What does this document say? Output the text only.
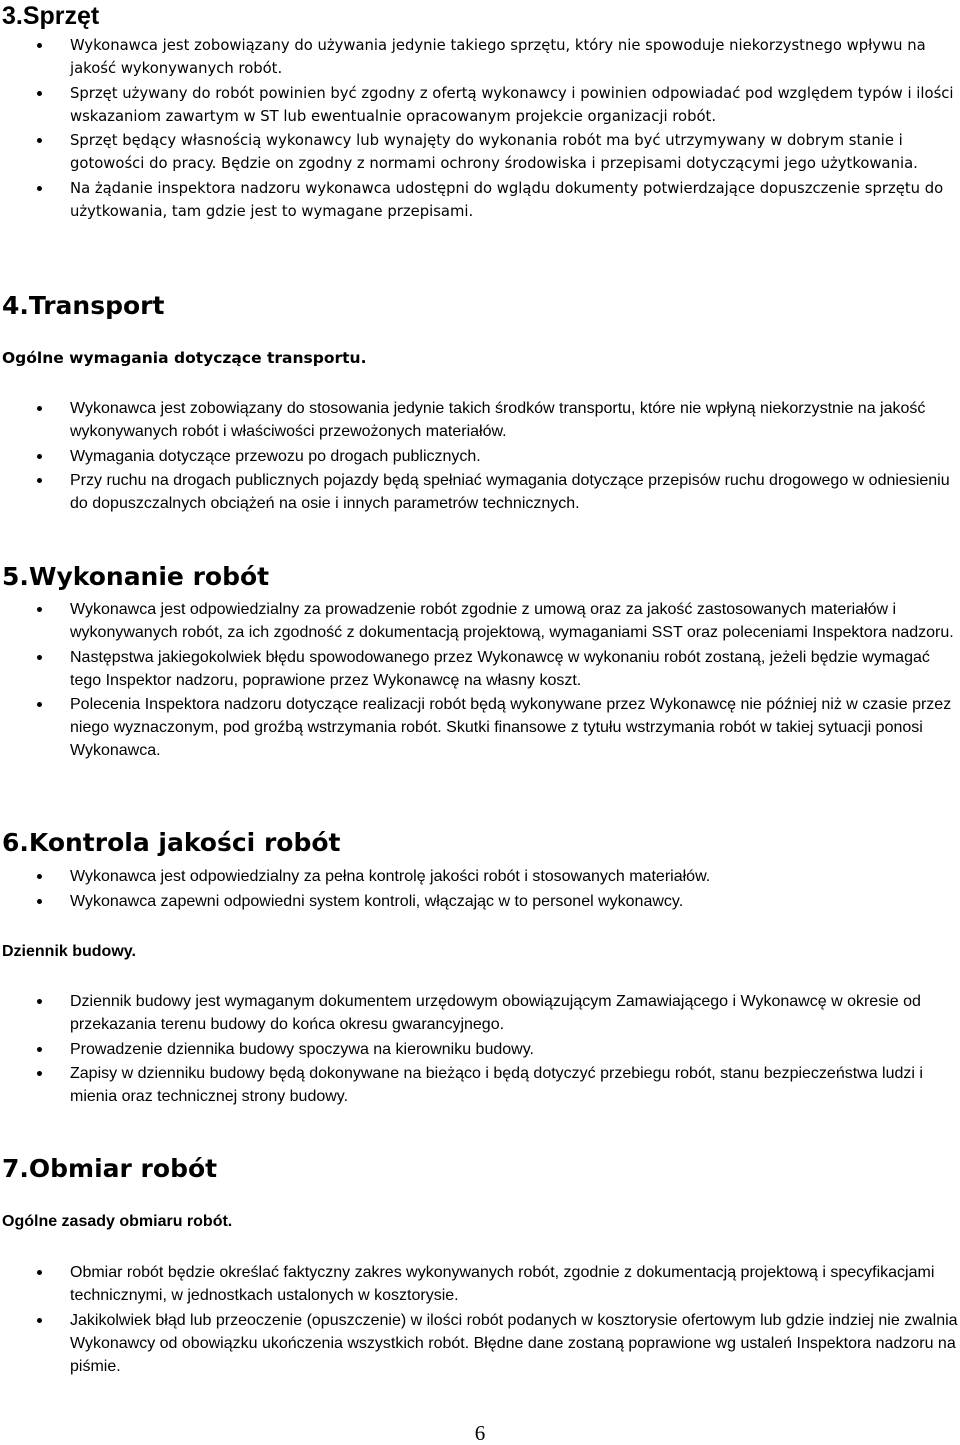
3.Sprzęt
Wykonawca jest zobowiązany do używania jedynie takiego sprzętu, który nie spowoduje niekorzystnego wpływu na jakość wykonywanych robót.
Sprzęt używany do robót powinien być zgodny z ofertą wykonawcy i powinien odpowiadać pod względem typów i ilości wskazaniom zawartym w ST lub ewentualnie opracowanym projekcie organizacji robót.
Sprzęt będący własnością wykonawcy lub wynajęty do wykonania robót ma być utrzymywany w dobrym stanie i gotowości do pracy. Będzie on zgodny z normami ochrony środowiska i przepisami dotyczącymi jego użytkowania.
Na żądanie inspektora nadzoru wykonawca udostępni do wglądu dokumenty potwierdzające dopuszczenie sprzętu do użytkowania, tam gdzie jest to wymagane przepisami.
4.Transport
Ogólne wymagania dotyczące transportu.
Wykonawca jest zobowiązany do stosowania jedynie takich środków transportu, które nie wpłyną niekorzystnie na jakość wykonywanych robót i właściwości przewożonych materiałów.
Wymagania dotyczące przewozu po drogach publicznych.
Przy ruchu na drogach publicznych pojazdy będą spełniać wymagania dotyczące przepisów ruchu drogowego w odniesieniu do dopuszczalnych obciążeń na osie i innych parametrów technicznych.
5.Wykonanie robót
Wykonawca jest odpowiedzialny za prowadzenie robót zgodnie z umową oraz za jakość zastosowanych materiałów i wykonywanych robót, za ich zgodność z dokumentacją projektową, wymaganiami SST oraz poleceniami Inspektora nadzoru.
Następstwa jakiegokolwiek błędu spowodowanego przez Wykonawcę w wykonaniu robót zostaną, jeżeli będzie wymagać tego Inspektor nadzoru, poprawione przez Wykonawcę na własny koszt.
Polecenia Inspektora nadzoru dotyczące realizacji robót będą wykonywane przez Wykonawcę nie później niż w czasie przez niego wyznaczonym, pod groźbą wstrzymania robót. Skutki finansowe z tytułu wstrzymania robót w takiej sytuacji ponosi Wykonawca.
6.Kontrola jakości robót
Wykonawca jest odpowiedzialny za pełna kontrolę jakości robót i stosowanych materiałów.
Wykonawca zapewni odpowiedni system kontroli, włączając w to personel wykonawcy.
Dziennik budowy.
Dziennik budowy jest wymaganym dokumentem urzędowym obowiązującym Zamawiającego i Wykonawcę w okresie od przekazania terenu budowy do końca okresu gwarancyjnego.
Prowadzenie dziennika budowy spoczywa na kierowniku budowy.
Zapisy w dzienniku budowy będą dokonywane na bieżąco i będą dotyczyć przebiegu robót, stanu bezpieczeństwa ludzi i mienia oraz technicznej strony budowy.
7.Obmiar robót
Ogólne zasady obmiaru robót.
Obmiar robót będzie określać faktyczny zakres wykonywanych robót, zgodnie z dokumentacją projektową i specyfikacjami technicznymi, w jednostkach ustalonych w kosztorysie.
Jakikolwiek błąd lub przeoczenie (opuszczenie) w ilości robót podanych w kosztorysie ofertowym lub gdzie indziej nie zwalnia Wykonawcy od obowiązku ukończenia wszystkich robót. Błędne dane zostaną poprawione wg ustaleń Inspektora nadzoru na piśmie.
6
